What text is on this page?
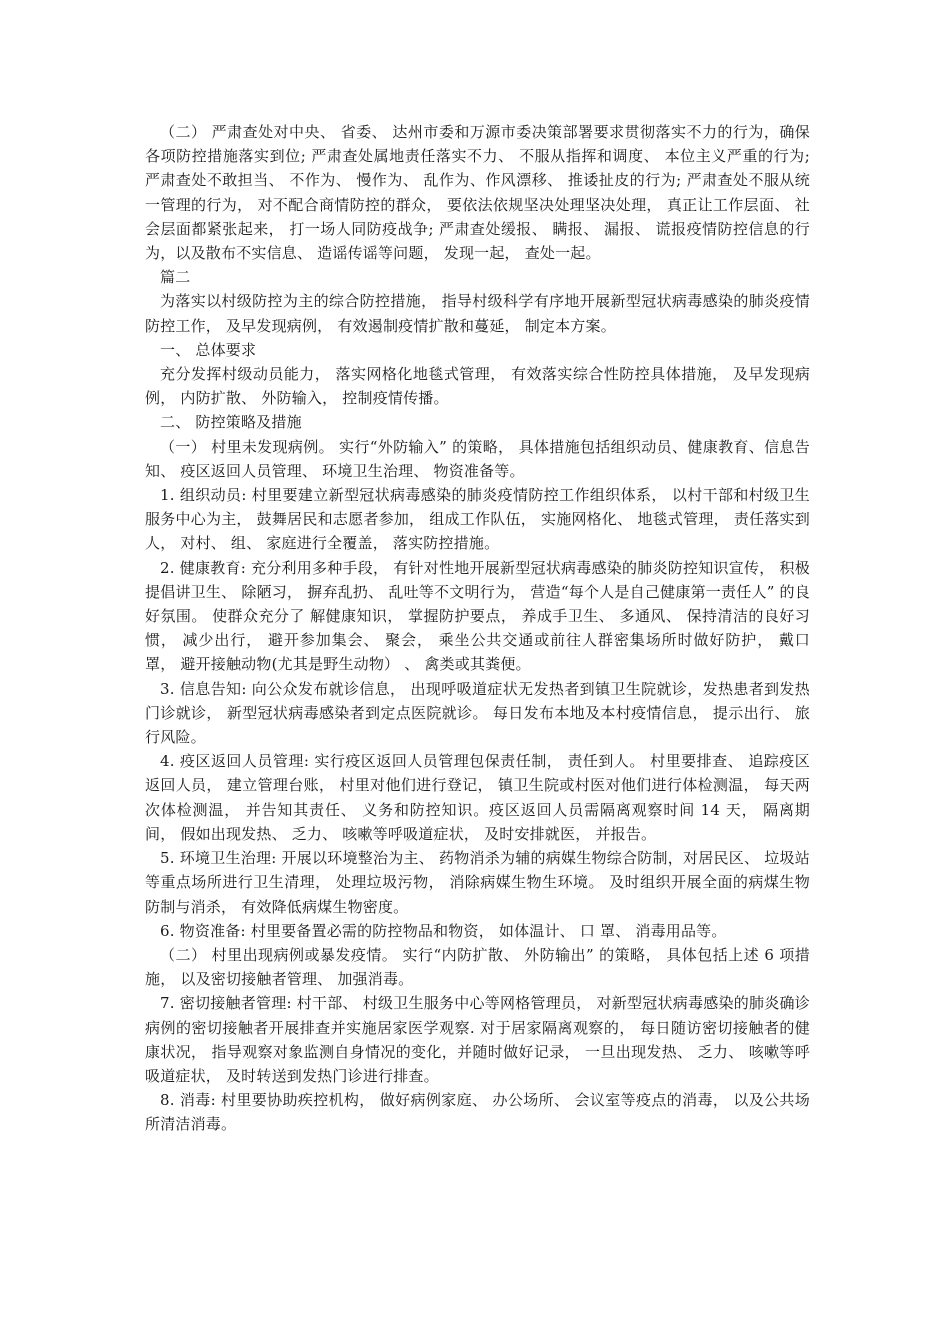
（二） 严肃查处对中央、 省委、 达州市委和万源市委决策部署要求贯彻落实不力的行为，确保各项防控措施落实到位; 严肃查处属地责任落实不力、 不服从指挥和调度、 本位主义严重的行为; 严肃查处不敢担当、 不作为、 慢作为、 乱作为、作风漂移、 推诿扯皮的行为; 严肃查处不服从统一管理的行为， 对不配合商情防控的群众， 要依法依规坚决处理坚决处理， 真正让工作层面、 社会层面都紧张起来， 打一场人同防疫战争; 严肃查处缓报、 瞒报、 漏报、 谎报疫情防控信息的行为，以及散布不实信息、 造谣传谣等问题， 发现一起， 查处一起。

篇二

为落实以村级防控为主的综合防控措施， 指导村级科学有序地开展新型冠状病毒感染的肺炎疫情防控工作， 及早发现病例， 有效遏制疫情扩散和蔓延， 制定本方案。

一、 总体要求

充分发挥村级动员能力， 落实网格化地毯式管理， 有效落实综合性防控具体措施， 及早发现病例， 内防扩散、 外防输入， 控制疫情传播。

二、 防控策略及措施

（一） 村里未发现病例。 实行“外防输入” 的策略， 具体措施包括组织动员、健康教育、信息告知、 疫区返回人员管理、 环境卫生治理、 物资准备等。

1. 组织动员: 村里要建立新型冠状病毒感染的肺炎疫情防控工作组织体系， 以村干部和村级卫生服务中心为主， 鼓舞居民和志愿者参加， 组成工作队伍， 实施网格化、 地毯式管理， 责任落实到人， 对村、 组、 家庭进行全覆盖， 落实防控措施。

2. 健康教育: 充分利用多种手段， 有针对性地开展新型冠状病毒感染的肺炎防控知识宣传， 积极提倡讲卫生、 除陋习， 摒弃乱扔、 乱吐等不文明行为， 营造“每个人是自己健康第一责任人” 的良好氛围。 使群众充分了 解健康知识， 掌握防护要点， 养成手卫生、 多通风、 保持清洁的良好习惯， 减少出行， 避开参加集会、 聚会， 乘坐公共交通或前往人群密集场所时做好防护， 戴口 罩， 避开接触动物(尤其是野生动物） 、 禽类或其粪便。

3. 信息告知: 向公众发布就诊信息， 出现呼吸道症状无发热者到镇卫生院就诊，发热患者到发热门诊就诊， 新型冠状病毒感染者到定点医院就诊。 每日发布本地及本村疫情信息， 提示出行、 旅行风险。

4. 疫区返回人员管理: 实行疫区返回人员管理包保责任制， 责任到人。 村里要排查、 追踪疫区返回人员， 建立管理台账， 村里对他们进行登记， 镇卫生院或村医对他们进行体检测温， 每天两次体检测温， 并告知其责任、 义务和防控知识。疫区返回人员需隔离观察时间 14 天， 隔离期间， 假如出现发热、 乏力、 咳嗽等呼吸道症状， 及时安排就医， 并报告。

5. 环境卫生治理: 开展以环境整治为主、 药物消杀为辅的病媒生物综合防制，对居民区、 垃圾站等重点场所进行卫生清理， 处理垃圾污物， 消除病媒生物生环境。 及时组织开展全面的病煤生物防制与消杀， 有效降低病煤生物密度。

6. 物资准备: 村里要备置必需的防控物品和物资， 如体温计、 口 罩、 消毒用品等。

（二） 村里出现病例或暴发疫情。 实行“内防扩散、 外防输出” 的策略， 具体包括上述 6 项措施， 以及密切接触者管理、 加强消毒。

7. 密切接触者管理: 村干部、 村级卫生服务中心等网格管理员， 对新型冠状病毒感染的肺炎确诊病例的密切接触者开展排查并实施居家医学观察. 对于居家隔离观察的， 每日随访密切接触者的健康状况， 指导观察对象监测自身情况的变化，并随时做好记录， 一旦出现发热、 乏力、 咳嗽等呼吸道症状， 及时转送到发热门诊进行排查。

8. 消毒: 村里要协助疾控机构， 做好病例家庭、 办公场所、 会议室等疫点的消毒， 以及公共场所清洁消毒。
